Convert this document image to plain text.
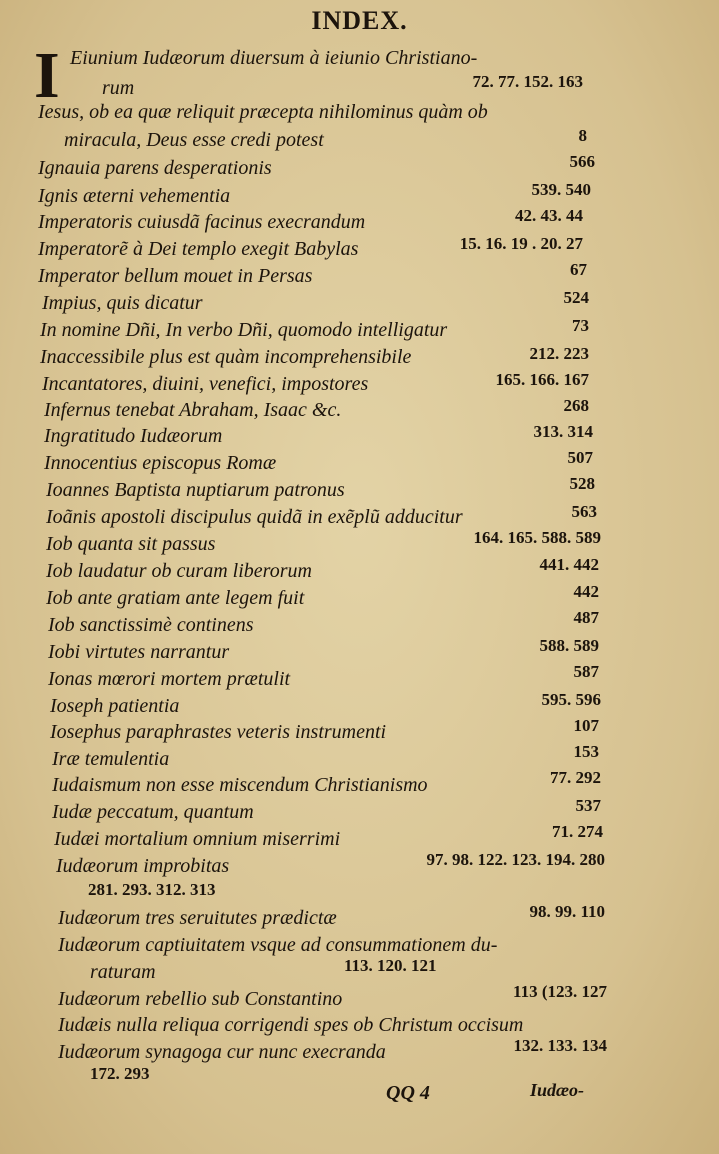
INDEX.
I Eiunium Iudæorum diuersum à ieiunio Christiano-
rum	72. 77. 152. 163
Iesus, ob ea quæ reliquit præcepta nihilominus quàm ob
miracula, Deus esse credi potest	8
Ignauia parens desperationis	566
Ignis æterni vehementia	539. 540
Imperatoris cuiusdã facinus execrandum	42. 43. 44
Imperatorẽ à Dei templo exegit Babylas	15. 16. 19 . 20. 27
Imperator bellum mouet in Persas	67
Impius, quis dicatur	524
In nomine Dñi, In verbo Dñi, quomodo intelligatur	73
Inaccessibile plus est quàm incomprehensibile	212. 223
Incantatores, diuini, venefici, impostores	165. 166. 167
Infernus tenebat Abraham, Isaac &c.	268
Ingratitudo Iudæorum	313. 314
Innocentius episcopus Romæ	507
Ioannes Baptista nuptiarum patronus	528
Ioãnis apostoli discipulus quidã in exẽplũ adducitur	563
Iob quanta sit passus	164. 165. 588. 589
Iob laudatur ob curam liberorum	441. 442
Iob ante gratiam ante legem fuit	442
Iob sanctissimè continens	487
Iobi virtutes narrantur	588. 589
Ionas mœrori mortem prætulit	587
Ioseph patientia	595. 596
Iosephus paraphrastes veteris instrumenti	107
Iræ temulentia	153
Iudaismum non esse miscendum Christianismo	77. 292
Iudæ peccatum, quantum	537
Iudæi mortalium omnium miserrimi	71. 274
Iudæorum improbitas	97. 98. 122. 123. 194. 280
281. 293. 312. 313
Iudæorum tres seruitutes prædictæ	98. 99. 110
Iudæorum captiuitatem vsque ad consummationem du-
raturam	113. 120. 121
Iudæorum rebellio sub Constantino	113 (123. 127
Iudæis nulla reliqua corrigendi spes ob Christum occisum
Iudæorum synagoga cur nunc execranda	132. 133. 134
172. 293
QQ 4	Iudæo-
